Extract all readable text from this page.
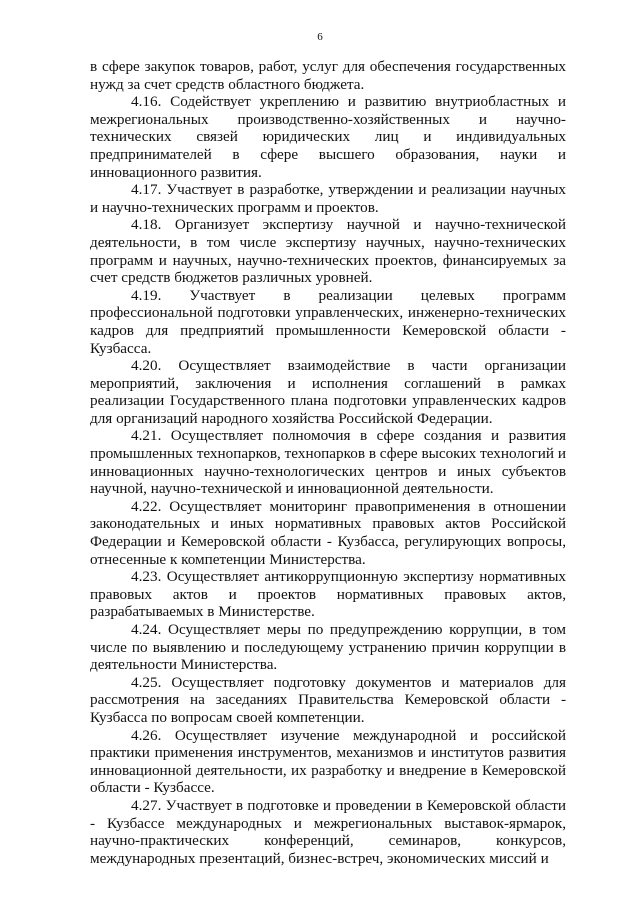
6

в сфере закупок товаров, работ, услуг для обеспечения государственных нужд за счет средств областного бюджета.

4.16. Содействует укреплению и развитию внутриобластных и межрегиональных производственно-хозяйственных и научно-технических связей юридических лиц и индивидуальных предпринимателей в сфере высшего образования, науки и инновационного развития.

4.17. Участвует в разработке, утверждении и реализации научных и научно-технических программ и проектов.

4.18. Организует экспертизу научной и научно-технической деятельности, в том числе экспертизу научных, научно-технических программ и научных, научно-технических проектов, финансируемых за счет средств бюджетов различных уровней.

4.19. Участвует в реализации целевых программ профессиональной подготовки управленческих, инженерно-технических кадров для предприятий промышленности Кемеровской области - Кузбасса.

4.20. Осуществляет взаимодействие в части организации мероприятий, заключения и исполнения соглашений в рамках реализации Государственного плана подготовки управленческих кадров для организаций народного хозяйства Российской Федерации.

4.21. Осуществляет полномочия в сфере создания и развития промышленных технопарков, технопарков в сфере высоких технологий и инновационных научно-технологических центров и иных субъектов научной, научно-технической и инновационной деятельности.

4.22. Осуществляет мониторинг правоприменения в отношении законодательных и иных нормативных правовых актов Российской Федерации и Кемеровской области - Кузбасса, регулирующих вопросы, отнесенные к компетенции Министерства.

4.23. Осуществляет антикоррупционную экспертизу нормативных правовых актов и проектов нормативных правовых актов, разрабатываемых в Министерстве.

4.24. Осуществляет меры по предупреждению коррупции, в том числе по выявлению и последующему устранению причин коррупции в деятельности Министерства.

4.25. Осуществляет подготовку документов и материалов для рассмотрения на заседаниях Правительства Кемеровской области - Кузбасса по вопросам своей компетенции.

4.26. Осуществляет изучение международной и российской практики применения инструментов, механизмов и институтов развития инновационной деятельности, их разработку и внедрение в Кемеровской области - Кузбассе.

4.27. Участвует в подготовке и проведении в Кемеровской области - Кузбассе международных и межрегиональных выставок-ярмарок, научно-практических конференций, семинаров, конкурсов, международных презентаций, бизнес-встреч, экономических миссий и
